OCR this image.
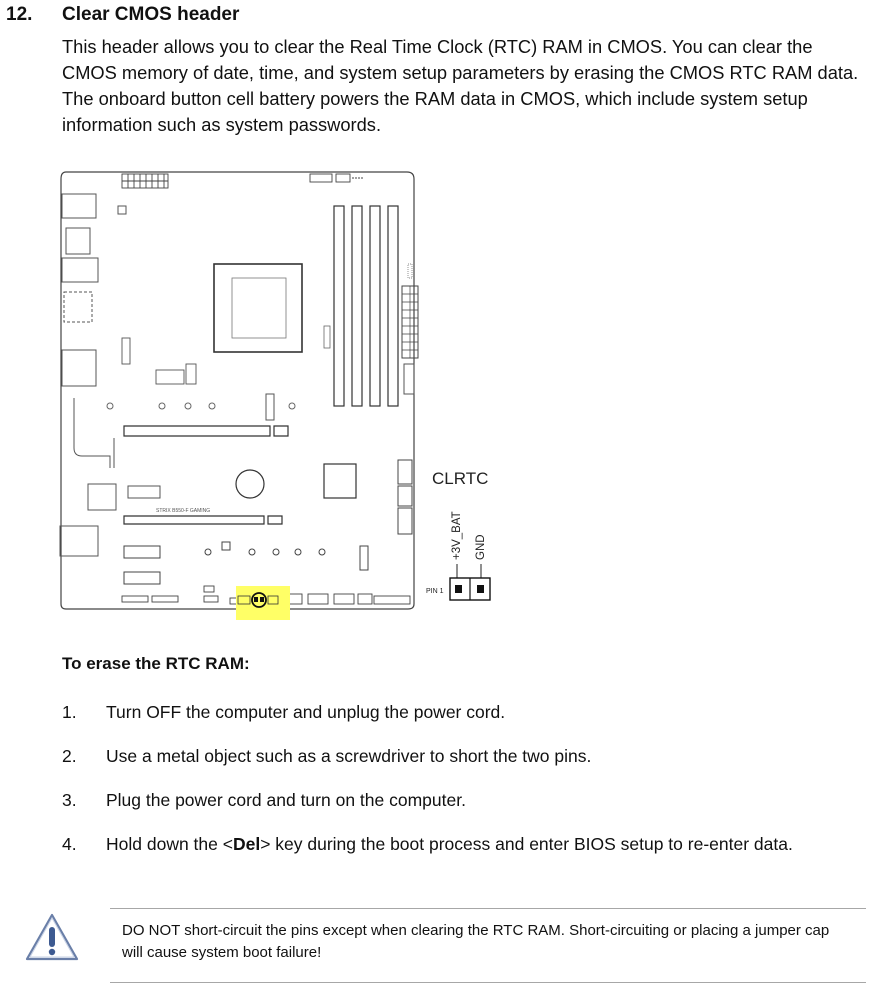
12. Clear CMOS header

This header allows you to clear the Real Time Clock (RTC) RAM in CMOS. You can clear the CMOS memory of date, time, and system setup parameters by erasing the CMOS RTC RAM data. The onboard button cell battery powers the RAM data in CMOS, which include system setup information such as system passwords.

STRIX B550-F GAMING
CLRTC
+3V_BAT GND
PIN 1
To erase the RTC RAM:
1. Turn OFF the computer and unplug the power cord.
2. Use a metal object such as a screwdriver to short the two pins.
3. Plug the power cord and turn on the computer.
4. Hold down the <Del> key during the boot process and enter BIOS setup to re-enter data.
DO NOT short-circuit the pins except when clearing the RTC RAM. Short-circuiting or placing a jumper cap will cause system boot failure!
